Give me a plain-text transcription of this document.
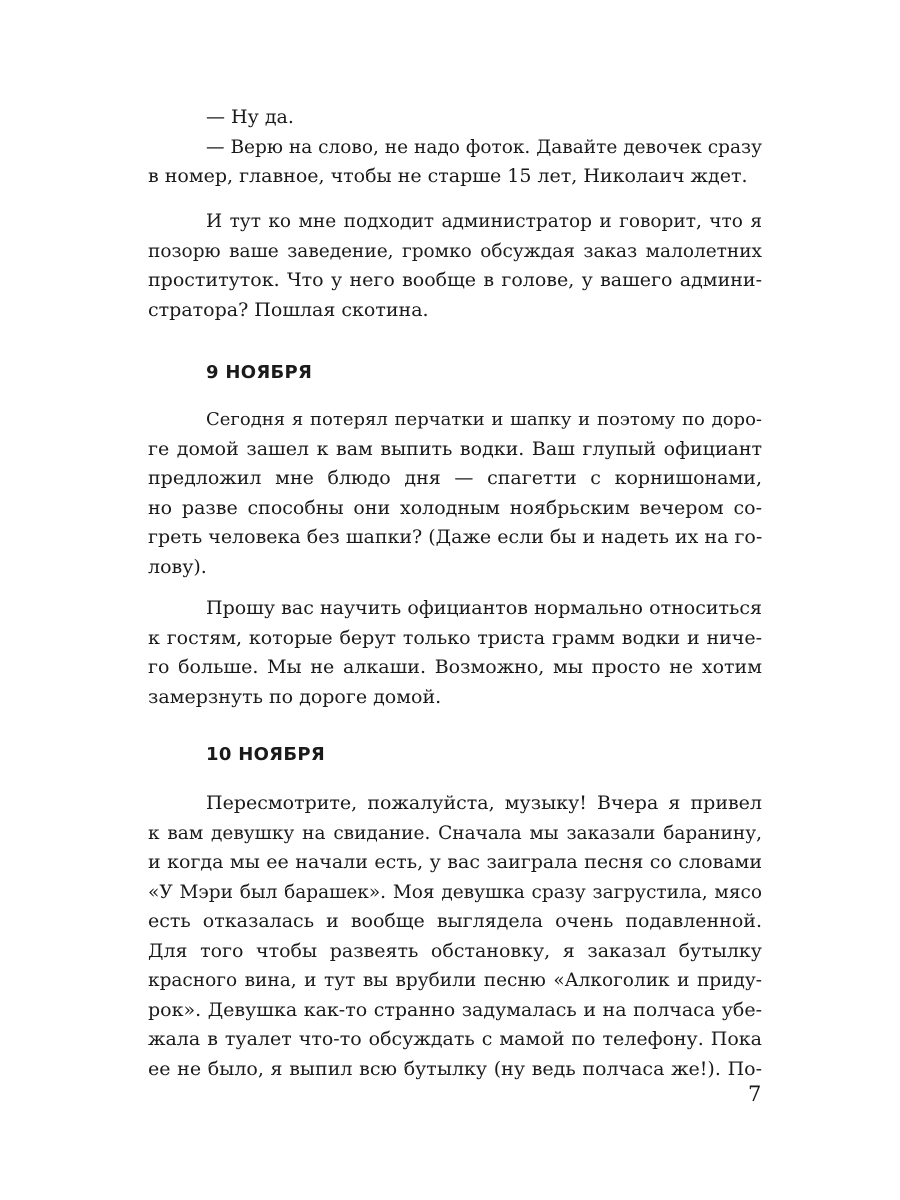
— Ну да.
— Верю на слово, не надо фоток. Давайте девочек сразу
в номер, главное, чтобы не старше 15 лет, Николаич ждет.
И тут ко мне подходит администратор и говорит, что я
позорю ваше заведение, громко обсуждая заказ малолетних
проституток. Что у него вообще в голове, у вашего админи-
стратора? Пошлая скотина.
9 НОЯБРЯ
Сегодня я потерял перчатки и шапку и поэтому по доро-
ге домой зашел к вам выпить водки. Ваш глупый официант
предложил мне блюдо дня — спагетти с корнишонами,
но разве способны они холодным ноябрьским вечером со-
греть человека без шапки? (Даже если бы и надеть их на го-
лову).
Прошу вас научить официантов нормально относиться
к гостям, которые берут только триста грамм водки и ниче-
го больше. Мы не алкаши. Возможно, мы просто не хотим
замерзнуть по дороге домой.
10 НОЯБРЯ
Пересмотрите, пожалуйста, музыку! Вчера я привел
к вам девушку на свидание. Сначала мы заказали баранину,
и когда мы ее начали есть, у вас заиграла песня со словами
«У Мэри был барашек». Моя девушка сразу загрустила, мясо
есть отказалась и вообще выглядела очень подавленной.
Для того чтобы развеять обстановку, я заказал бутылку
красного вина, и тут вы врубили песню «Алкоголик и приду-
рок». Девушка как-то странно задумалась и на полчаса убе-
жала в туалет что-то обсуждать с мамой по телефону. Пока
ее не было, я выпил всю бутылку (ну ведь полчаса же!). По-
7
